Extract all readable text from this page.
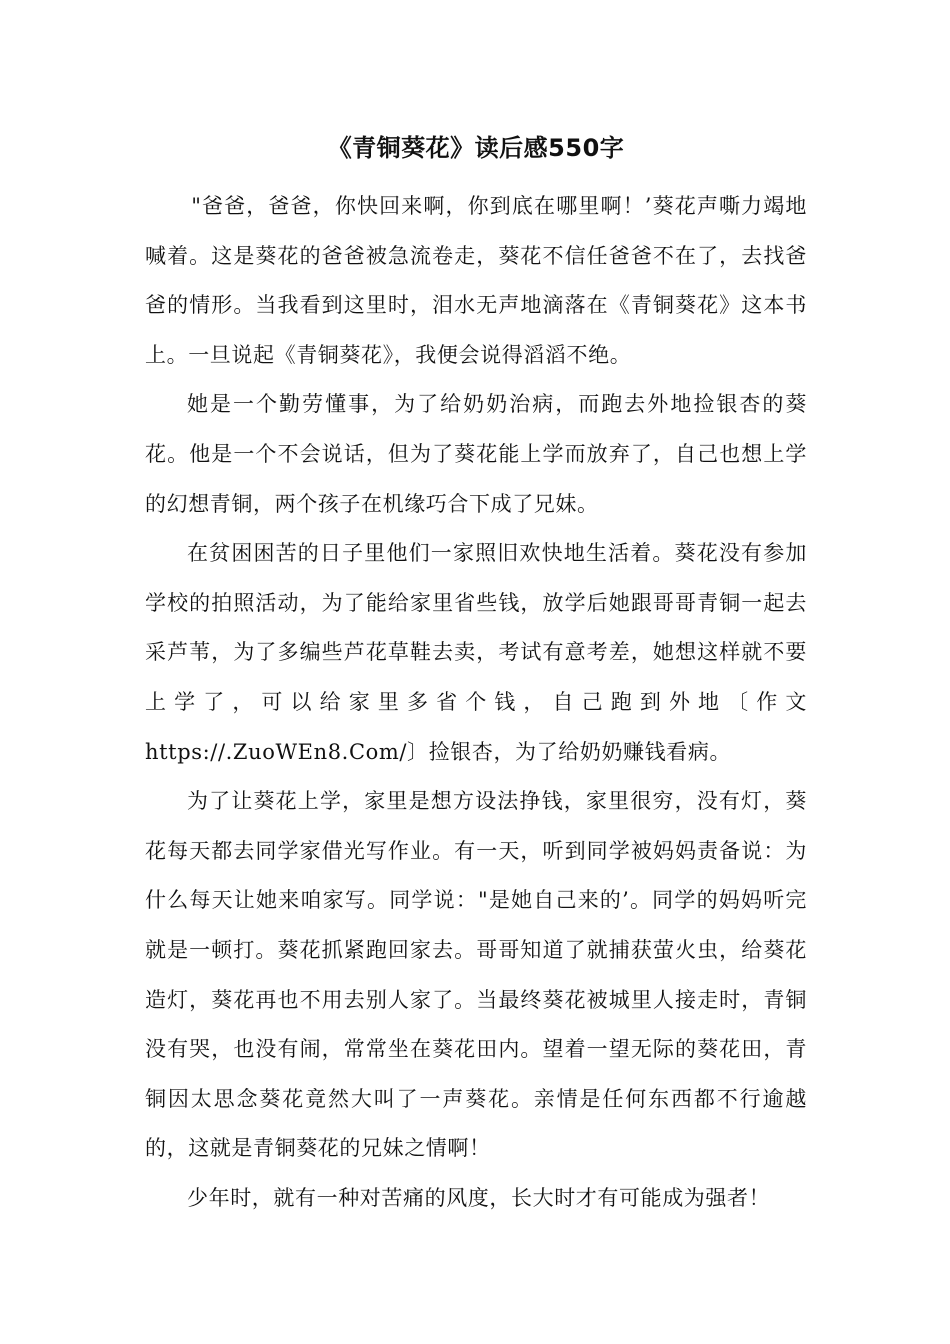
《青铜葵花》读后感550字

"爸爸，爸爸，你快回来啊，你到底在哪里啊！’葵花声嘶力竭地喊着。这是葵花的爸爸被急流卷走，葵花不信任爸爸不在了，去找爸爸的情形。当我看到这里时，泪水无声地滴落在《青铜葵花》这本书上。一旦说起《青铜葵花》，我便会说得滔滔不绝。

她是一个勤劳懂事，为了给奶奶治病，而跑去外地捡银杏的葵花。他是一个不会说话，但为了葵花能上学而放弃了，自己也想上学的幻想青铜，两个孩子在机缘巧合下成了兄妹。

在贫困困苦的日子里他们一家照旧欢快地生活着。葵花没有参加学校的拍照活动，为了能给家里省些钱，放学后她跟哥哥青铜一起去采芦苇，为了多编些芦花草鞋去卖，考试有意考差，她想这样就不要上学了，可以给家里多省个钱，自己跑到外地〔作文https://.ZuoWEn8.Com/〕捡银杏，为了给奶奶赚钱看病。

为了让葵花上学，家里是想方设法挣钱，家里很穷，没有灯，葵花每天都去同学家借光写作业。有一天，听到同学被妈妈责备说：为什么每天让她来咱家写。同学说："是她自己来的’。同学的妈妈听完就是一顿打。葵花抓紧跑回家去。哥哥知道了就捕获萤火虫，给葵花造灯，葵花再也不用去别人家了。当最终葵花被城里人接走时，青铜没有哭，也没有闹，常常坐在葵花田内。望着一望无际的葵花田，青铜因太思念葵花竟然大叫了一声葵花。亲情是任何东西都不行逾越的，这就是青铜葵花的兄妹之情啊！

少年时，就有一种对苦痛的风度，长大时才有可能成为强者！
